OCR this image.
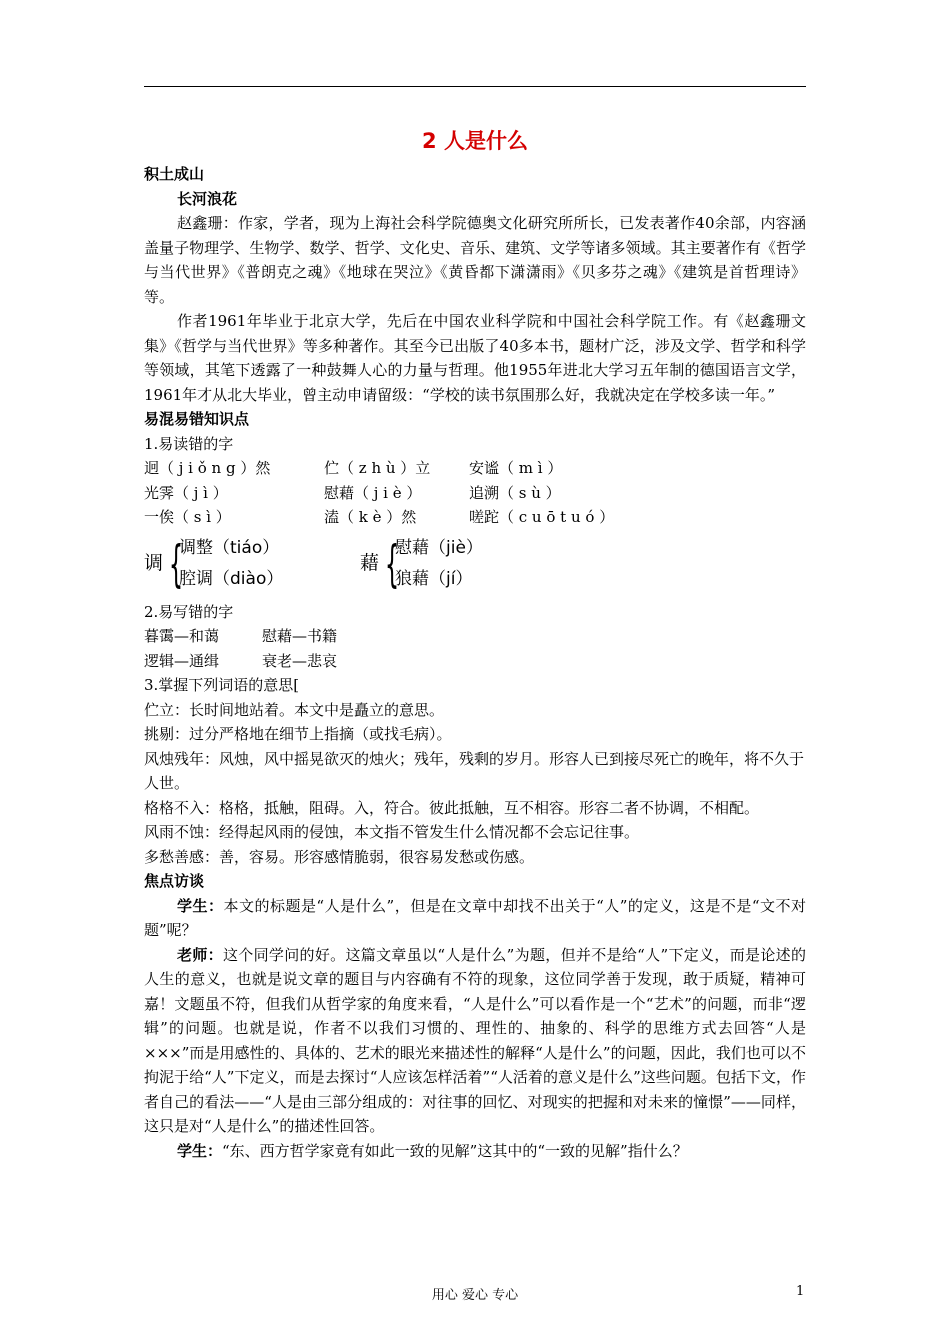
2 人是什么
积土成山
长河浪花

赵鑫珊：作家，学者，现为上海社会科学院德奥文化研究所所长，已发表著作40余部，内容涵盖量子物理学、生物学、数学、哲学、文化史、音乐、建筑、文学等诸多领域。其主要著作有《哲学与当代世界》《普朗克之魂》《地球在哭泣》《黄昏都下潇潇雨》《贝多芬之魂》《建筑是首哲理诗》等。

作者1961年毕业于北京大学，先后在中国农业科学院和中国社会科学院工作。有《赵鑫珊文集》《哲学与当代世界》等多种著作。其至今已出版了40多本书，题材广泛，涉及文学、哲学和科学等领域，其笔下透露了一种鼓舞人心的力量与哲理。他1955年进北大学习五年制的德国语言文学，1961年才从北大毕业，曾主动申请留级：“学校的读书氛围那么好，我就决定在学校多读一年。”

易混易错知识点
1.易读错的字
迥（ j i ǒ n g ）然	伫（ z h ù ）立	安谧（ m ì ）
光霁（ j ì ）	慰藉（ j i è ）	追溯（ s ù ）
一俟（ s ì ）	溘（ k è ）然	嗟跎（ c u ō t u ó ）
调 {
调整（tiáo）
腔调（diào）
藉 {
慰藉（jiè）
狼藉（jí）
2.易写错的字
暮霭—和蔼	慰藉—书籍
逻辑—通缉	衰老—悲哀
3.掌握下列词语的意思[
伫立：长时间地站着。本文中是矗立的意思。
挑剔：过分严格地在细节上指摘（或找毛病）。
风烛残年：风烛，风中摇晃欲灭的烛火；残年，残剩的岁月。形容人已到接尽死亡的晚年，将不久于人世。
格格不入：格格，抵触，阻碍。入，符合。彼此抵触，互不相容。形容二者不协调，不相配。
风雨不蚀：经得起风雨的侵蚀，本文指不管发生什么情况都不会忘记往事。
多愁善感：善，容易。形容感情脆弱，很容易发愁或伤感。
焦点访谈

学生：本文的标题是“人是什么”，但是在文章中却找不出关于“人”的定义，这是不是“文不对题”呢？

老师：这个同学问的好。这篇文章虽以“人是什么”为题，但并不是给“人”下定义，而是论述的人生的意义，也就是说文章的题目与内容确有不符的现象，这位同学善于发现，敢于质疑，精神可嘉！文题虽不符，但我们从哲学家的角度来看，“人是什么”可以看作是一个“艺术”的问题，而非“逻辑”的问题。也就是说，作者不以我们习惯的、理性的、抽象的、科学的思维方式去回答“人是×××”而是用感性的、具体的、艺术的眼光来描述性的解释“人是什么”的问题，因此，我们也可以不拘泥于给“人”下定义，而是去探讨“人应该怎样活着”“人活着的意义是什么”这些问题。包括下文，作者自己的看法——“人是由三部分组成的：对往事的回忆、对现实的把握和对未来的憧憬”——同样，这只是对“人是什么”的描述性回答。

学生：“东、西方哲学家竟有如此一致的见解”这其中的“一致的见解”指什么？

用心 爱心 专心	1
